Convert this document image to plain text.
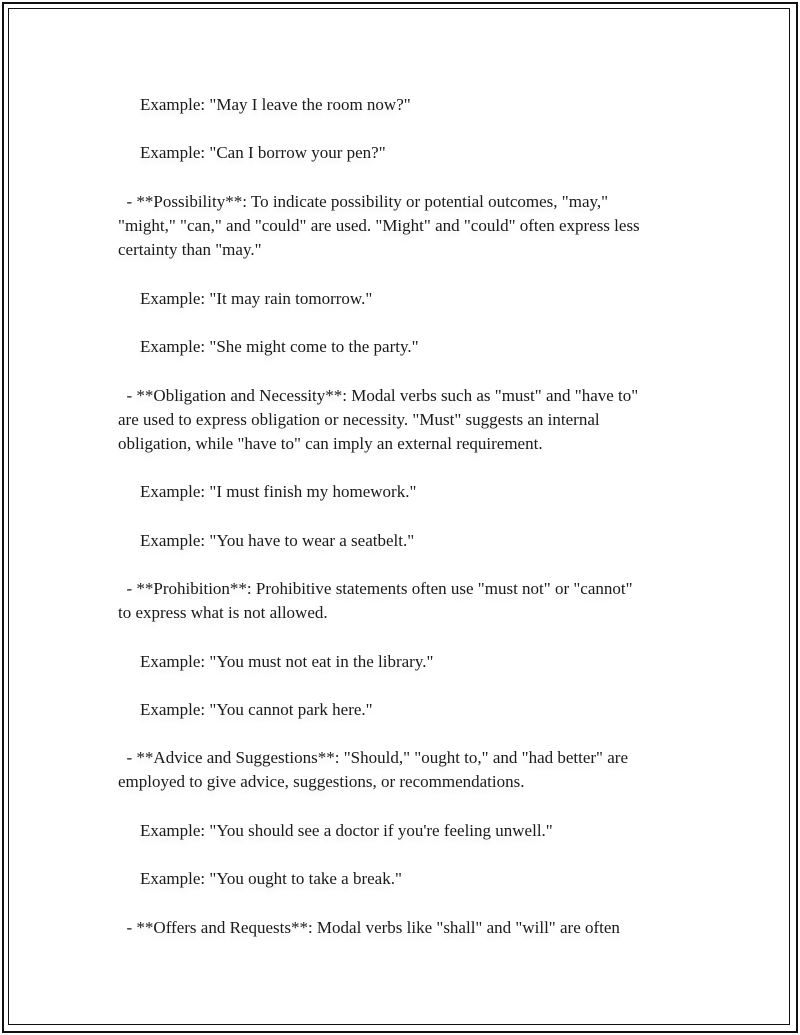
Example: "May I leave the room now?"

Example: "Can I borrow your pen?"

- **Possibility**: To indicate possibility or potential outcomes, "may,"

"might," "can," and "could" are used. "Might" and "could" often express less

certainty than "may."

Example: "It may rain tomorrow."

Example: "She might come to the party."

- **Obligation and Necessity**: Modal verbs such as "must" and "have to"

are used to express obligation or necessity. "Must" suggests an internal

obligation, while "have to" can imply an external requirement.

Example: "I must finish my homework."

Example: "You have to wear a seatbelt."

- **Prohibition**: Prohibitive statements often use "must not" or "cannot"

to express what is not allowed.

Example: "You must not eat in the library."

Example: "You cannot park here."

- **Advice and Suggestions**: "Should," "ought to," and "had better" are

employed to give advice, suggestions, or recommendations.

Example: "You should see a doctor if you're feeling unwell."

Example: "You ought to take a break."

- **Offers and Requests**: Modal verbs like "shall" and "will" are often
